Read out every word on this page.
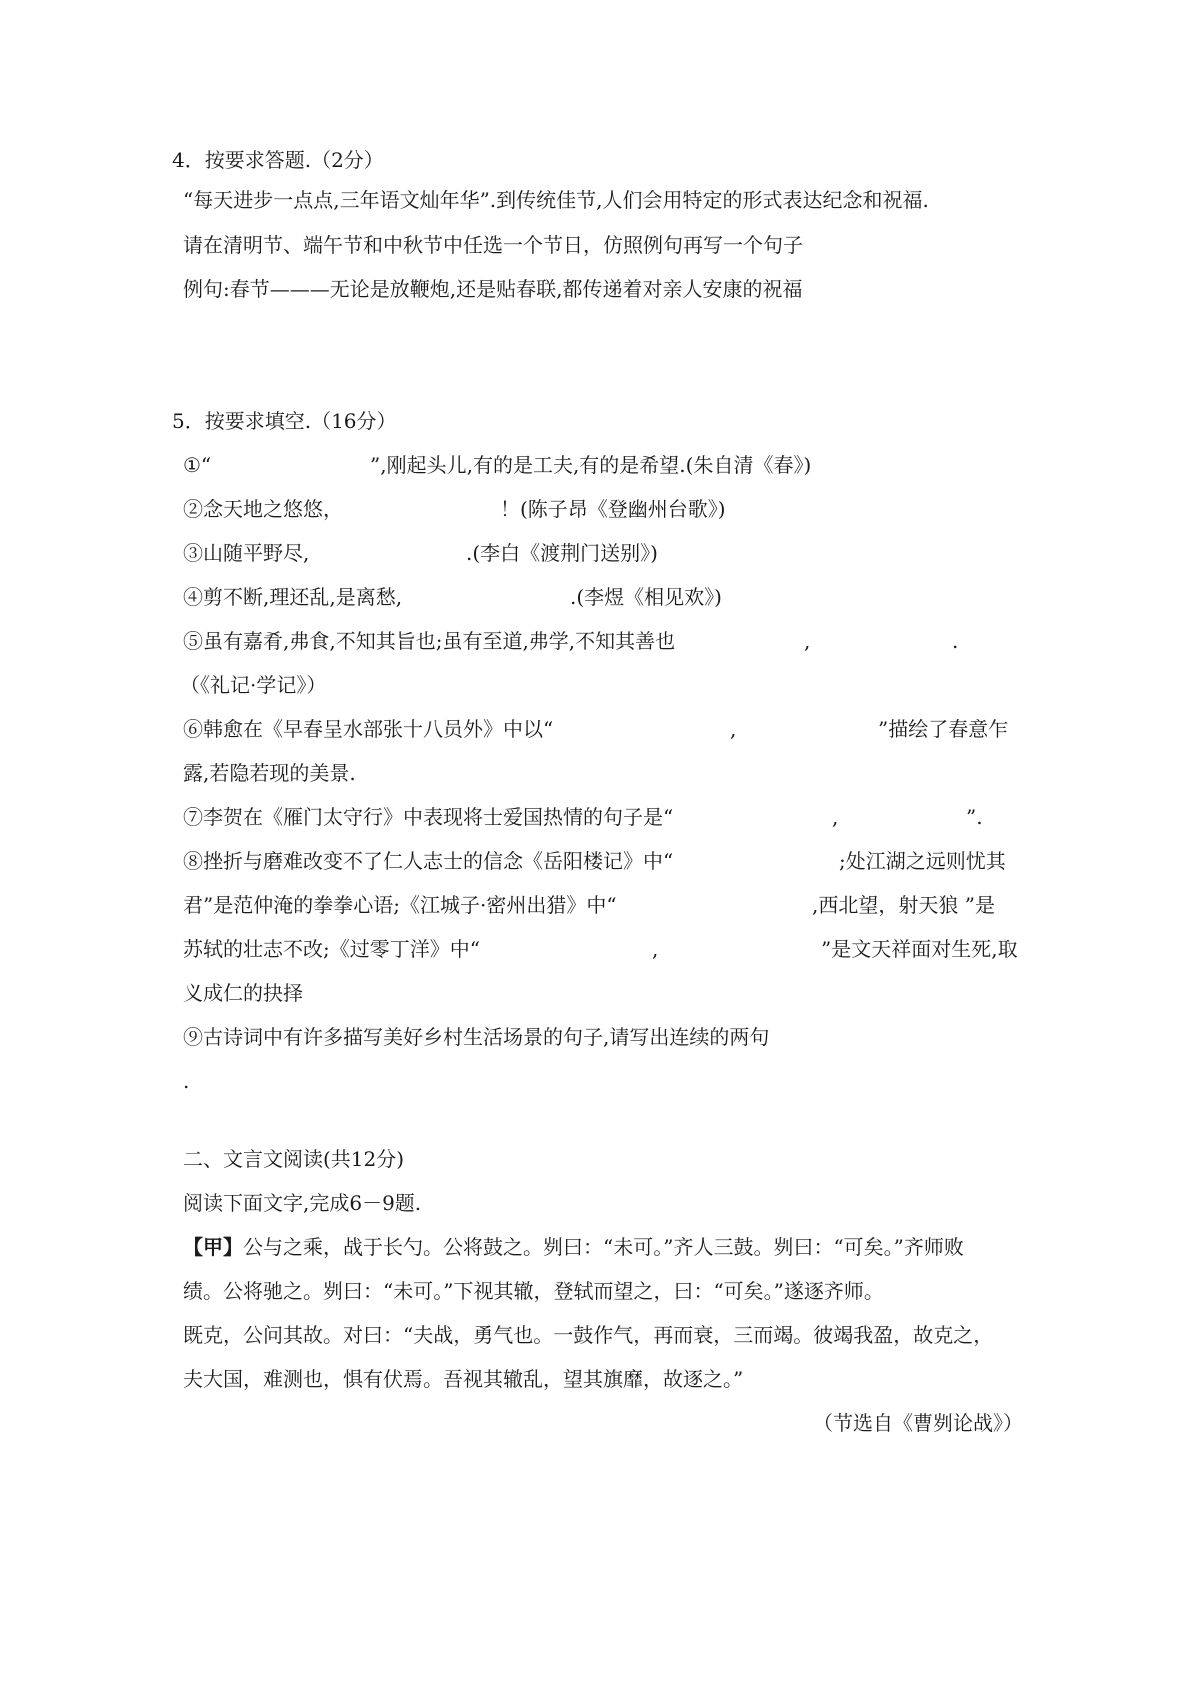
4．按要求答题.（2分）
“每天进步一点点,三年语文灿年华”.到传统佳节,人们会用特定的形式表达纪念和祝福.
请在清明节、端午节和中秋节中任选一个节日，仿照例句再写一个句子
例句:春节———无论是放鞭炮,还是贴春联,都传递着对亲人安康的祝福
5．按要求填空.（16分）
①“	”,刚起头儿,有的是工夫,有的是希望.(朱自清《春》)
②念天地之悠悠，	！(陈子昂《登幽州台歌》)
③山随平野尽,	.(李白《渡荆门送别》)
④剪不断,理还乱,是离愁,	.(李煜《相见欢》)
⑤虽有嘉肴,弗食,不知其旨也;虽有至道,弗学,不知其善也	,	.
（《礼记·学记》）
⑥韩愈在《早春呈水部张十八员外》中以“	,	”描绘了春意乍
露,若隐若现的美景.
⑦李贺在《雁门太守行》中表现将士爱国热情的句子是“	,	”.
⑧挫折与磨难改变不了仁人志士的信念《岳阳楼记》中“	;处江湖之远则忧其
君”是范仲淹的拳拳心语;《江城子·密州出猎》中“	,西北望，射天狼 ”是
苏轼的壮志不改;《过零丁洋》中“	,	”是文天祥面对生死,取
义成仁的抉择
⑨古诗词中有许多描写美好乡村生活场景的句子,请写出连续的两句
.
二、文言文阅读(共12分)
阅读下面文字,完成6－9题.
【甲】 公与之乘，战于长勺。公将鼓之。刿曰：“未可。”齐人三鼓。刿曰：“可矣。”齐师败
绩。公将驰之。刿曰：“未可。”下视其辙，登轼而望之，曰：“可矣。”遂逐齐师。
既克，公问其故。对曰：“夫战，勇气也。一鼓作气，再而衰，三而竭。彼竭我盈，故克之，
夫大国，难测也，惧有伏焉。吾视其辙乱，望其旗靡，故逐之。”
（节选自《曹刿论战》）
